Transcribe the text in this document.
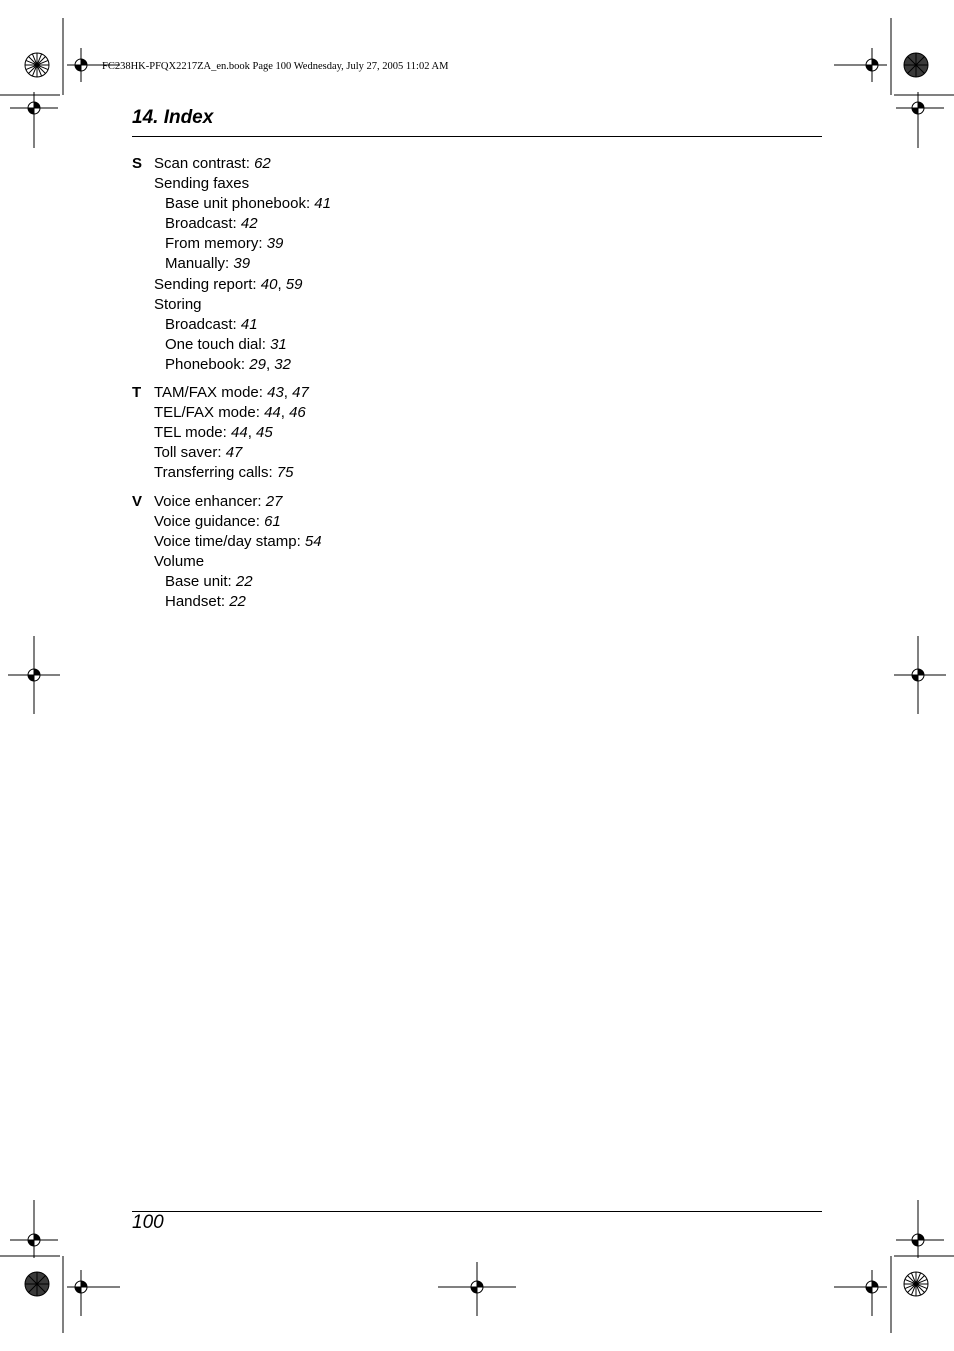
FC238HK-PFQX2217ZA_en.book Page 100 Wednesday, July 27, 2005 11:02 AM
14. Index
S Scan contrast: 62
Sending faxes
Base unit phonebook: 41
Broadcast: 42
From memory: 39
Manually: 39
Sending report: 40, 59
Storing
Broadcast: 41
One touch dial: 31
Phonebook: 29, 32
T TAM/FAX mode: 43, 47
TEL/FAX mode: 44, 46
TEL mode: 44, 45
Toll saver: 47
Transferring calls: 75
V Voice enhancer: 27
Voice guidance: 61
Voice time/day stamp: 54
Volume
Base unit: 22
Handset: 22
100
